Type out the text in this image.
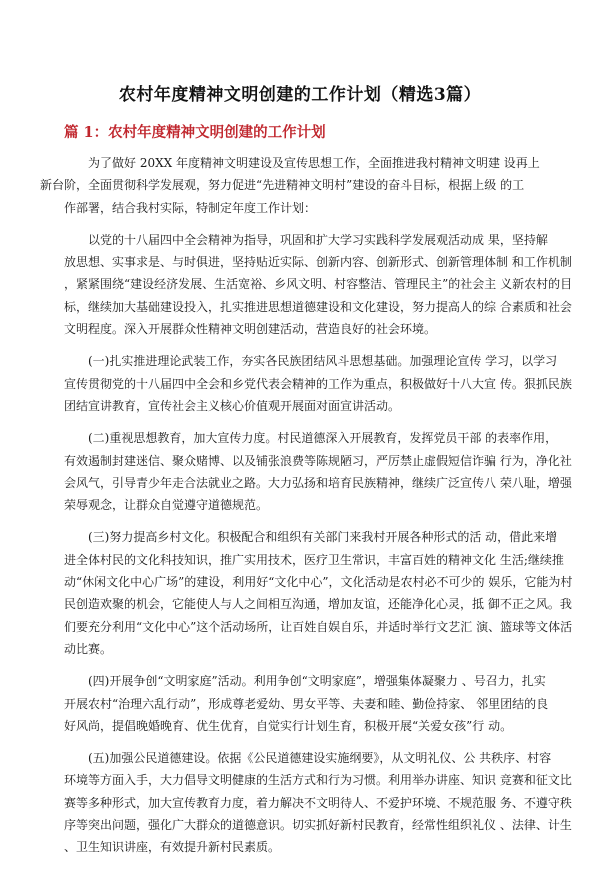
农村年度精神文明创建的工作计划（精选3篇）
篇 1：农村年度精神文明创建的工作计划

为了做好 20XX 年度精神文明建设及宣传思想工作，全面推进我村精神文明建 设再上
新台阶，全面贯彻科学发展观，努力促进“先进精神文明村”建设的奋斗目标，根据上级 的工
作部署，结合我村实际，特制定年度工作计划：

以党的十八届四中全会精神为指导，巩固和扩大学习实践科学发展观活动成 果，坚持解
放思想、实事求是、与时俱进，坚持贴近实际、创新内容、创新形式、创新管理体制 和工作机制
，紧紧围绕“建设经济发展、生活宽裕、乡风文明、村容整洁、管理民主”的社会主 义新农村的目
标，继续加大基础建设投入，扎实推进思想道德建设和文化建设，努力提高人的综 合素质和社会
文明程度。深入开展群众性精神文明创建活动，营造良好的社会环境。

(一)扎实推进理论武装工作，夯实各民族团结风斗思想基础。加强理论宣传 学习，以学习
宣传贯彻党的十八届四中全会和乡党代表会精神的工作为重点，积极做好十八大宣 传。狠抓民族
团结宣讲教育，宣传社会主义核心价值观开展面对面宣讲活动。

(二)重视思想教育，加大宣传力度。村民道德深入开展教育，发挥党员干部 的表率作用，
有效遏制封建迷信、聚众赌博、以及铺张浪费等陈规陋习，严厉禁止虚假短信诈骗 行为，净化社
会风气，引导青少年走合法就业之路。大力弘扬和培育民族精神，继续广泛宣传八 荣八耻，增强
荣辱观念，让群众自觉遵守道德规范。

(三)努力提高乡村文化。积极配合和组织有关部门来我村开展各种形式的活 动，借此来增
进全体村民的文化科技知识，推广实用技术，医疗卫生常识，丰富百姓的精神文化 生活;继续推
动“休闲文化中心广场”的建设，利用好“文化中心”，文化活动是农村必不可少的 娱乐，它能为村
民创造欢聚的机会，它能使人与人之间相互沟通，增加友谊，还能净化心灵，抵 御不正之风。我
们要充分利用“文化中心”这个活动场所，让百姓自娱自乐，并适时举行文艺汇 演、篮球等文体活
动比赛。

(四)开展争创“文明家庭”活动。利用争创“文明家庭”，增强集体凝聚力 、号召力，扎实
开展农村“治理六乱行动”，形成尊老爱幼、男女平等、夫妻和睦、勤俭持家、 邻里团结的良
好风尚，提倡晚婚晚育、优生优育，自觉实行计划生育，积极开展“关爱女孩”行 动。

(五)加强公民道德建设。依据《公民道德建设实施纲要》，从文明礼仪、公 共秩序、村容
环境等方面入手，大力倡导文明健康的生活方式和行为习惯。利用举办讲座、知识 竞赛和征文比
赛等多种形式，加大宣传教育力度，着力解决不文明待人、不爱护环境、不规范服 务、不遵守秩
序等突出问题，强化广大群众的道德意识。切实抓好新村民教育，经常性组织礼仪 、法律、计生
、卫生知识讲座，有效提升新村民素质。
